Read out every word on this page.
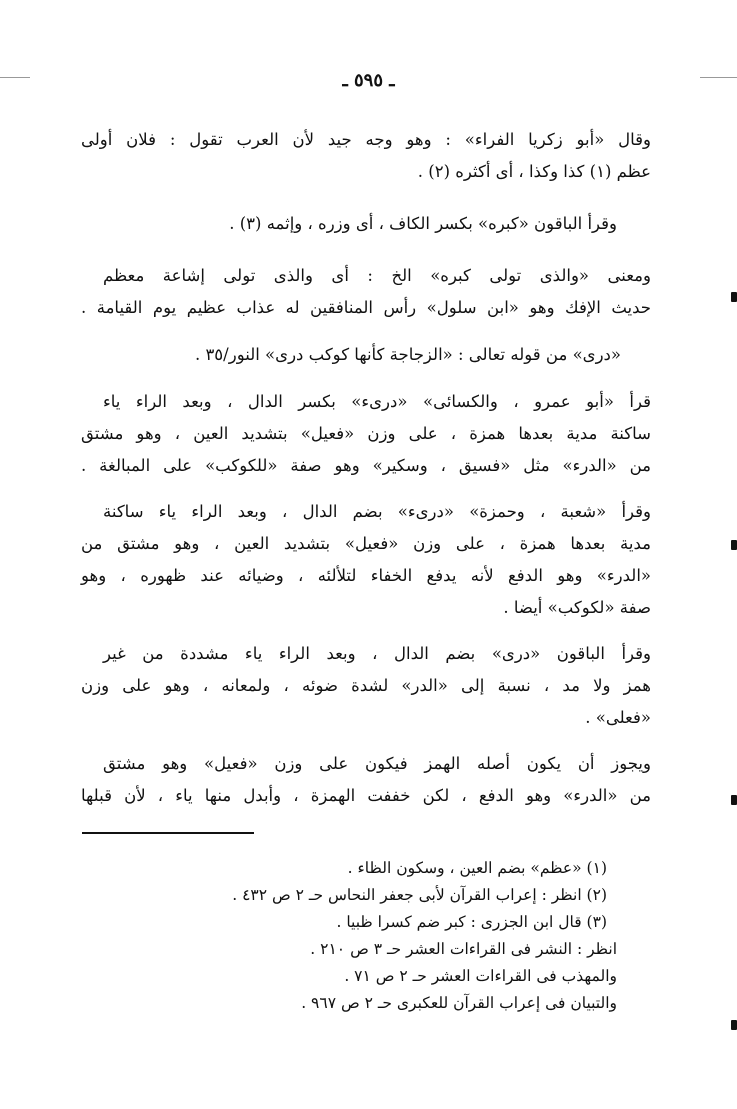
ـ ٥٩٥ ـ
وقال «أبو زكريا الفراء» : وهو وجه جيد لأن العرب تقول : فلان أولى
عظم (١) كذا وكذا ، أى أكثره (٢) .
وقرأ الباقون «كبره» بكسر الكاف ، أى وزره ، وإثمه (٣) .
ومعنى «والذى تولى كبره» الخ : أى والذى تولى إشاعة معظم
حديث الإفك وهو «ابن سلول» رأس المنافقين له عذاب عظيم يوم القيامة .
«درى» من قوله تعالى : «الزجاجة كأنها كوكب درى» النور/٣٥ .
قرأ «أبو عمرو ، والكسائى» «درىء» بكسر الدال ، وبعد الراء ياء
ساكنة مدية بعدها همزة ، على وزن «فعيل» بتشديد العين ، وهو مشتق
من «الدرء» مثل «فسيق ، وسكير» وهو صفة «للكوكب» على المبالغة .
وقرأ «شعبة ، وحمزة» «درىء» بضم الدال ، وبعد الراء ياء ساكنة
مدية بعدها همزة ، على وزن «فعيل» بتشديد العين ، وهو مشتق من
«الدرء» وهو الدفع لأنه يدفع الخفاء لتلألئه ، وضيائه عند ظهوره ، وهو
صفة «لكوكب» أيضا .
وقرأ الباقون «درى» بضم الدال ، وبعد الراء ياء مشددة من غير
همز ولا مد ، نسبة إلى «الدر» لشدة ضوئه ، ولمعانه ، وهو على وزن
«فعلى» .
ويجوز أن يكون أصله الهمز فيكون على وزن «فعيل» وهو مشتق
من «الدرء» وهو الدفع ، لكن خففت الهمزة ، وأبدل منها ياء ، لأن قبلها
(١) «عظم» بضم العين ، وسكون الظاء .
(٢) انظر : إعراب القرآن لأبى جعفر النحاس حـ ٢ ص ٤٣٢ .
(٣) قال ابن الجزرى : كبر ضم كسرا ظبيا .
انظر : النشر فى القراءات العشر حـ ٣ ص ٢١٠ .
والمهذب فى القراءات العشر حـ ٢ ص ٧١ .
والتبيان فى إعراب القرآن للعكبرى حـ ٢ ص ٩٦٧ .
